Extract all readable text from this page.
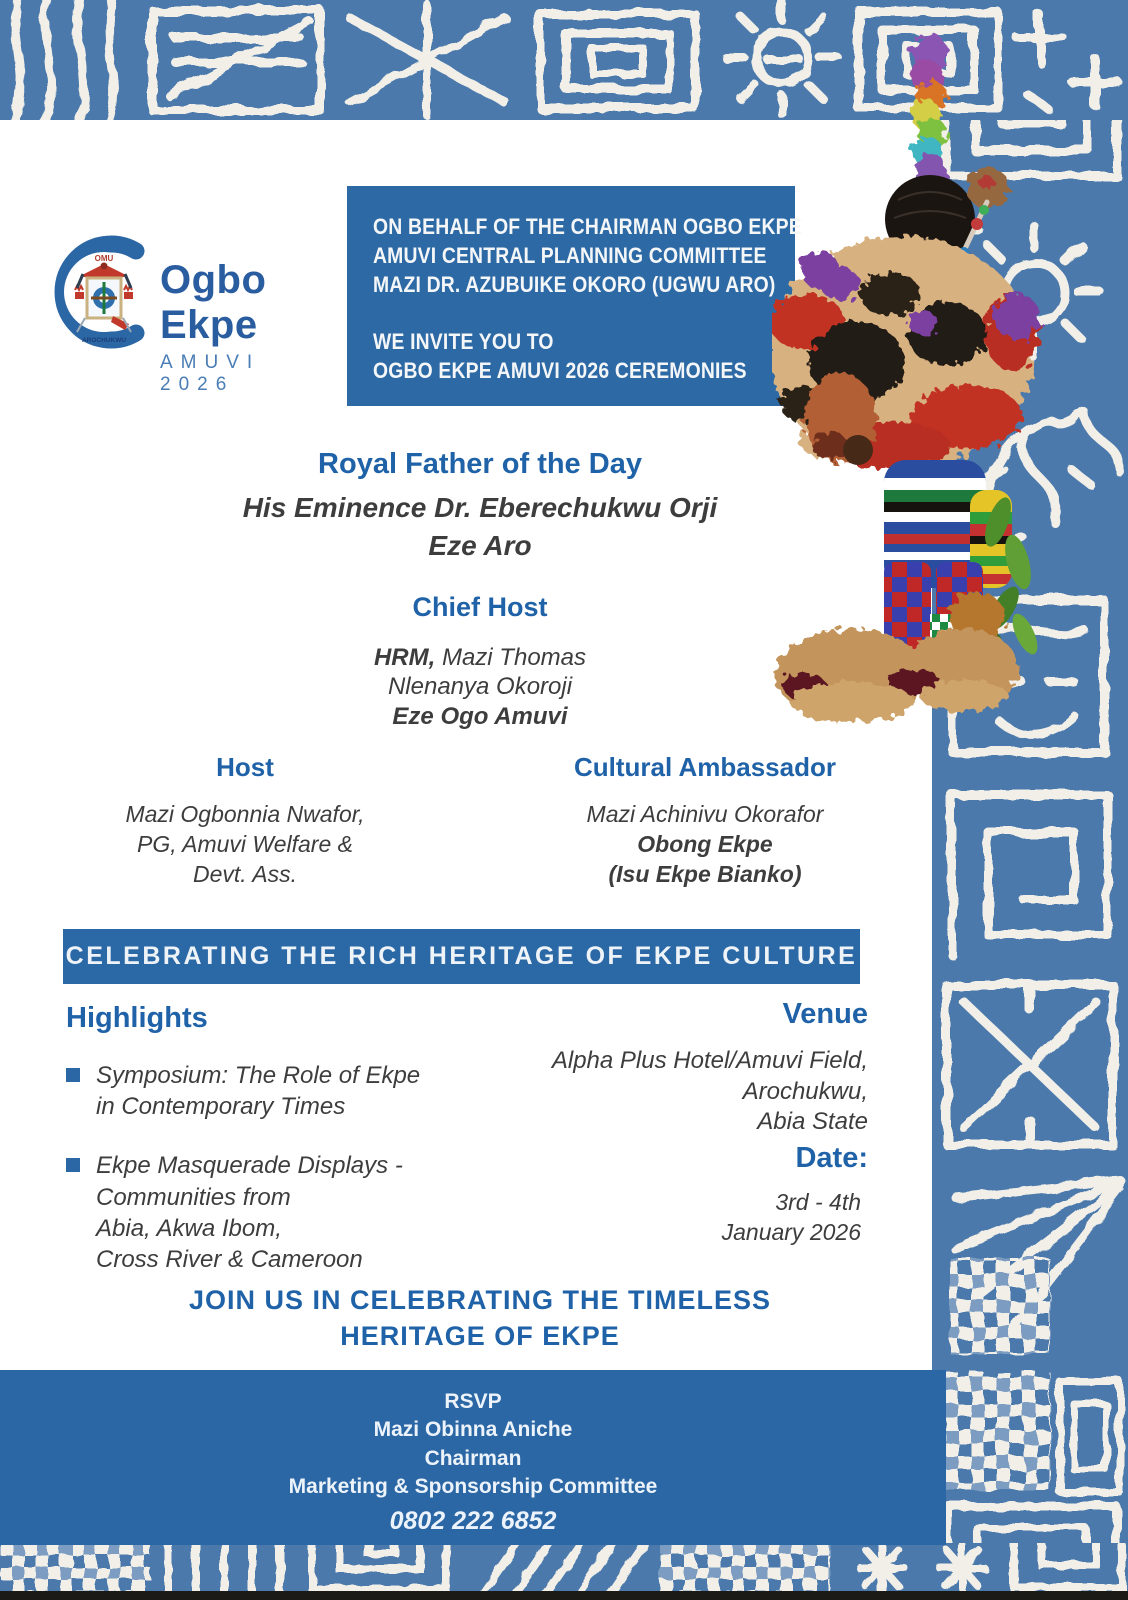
OMU
AROCHUKWU
Ogbo Ekpe
AMUVI 2026
ON BEHALF OF THE CHAIRMAN OGBO EKPE
AMUVI CENTRAL PLANNING COMMITTEE
MAZI DR. AZUBUIKE OKORO (UGWU ARO)
WE INVITE YOU TO
OGBO EKPE AMUVI 2026 CEREMONIES
Royal Father of the Day
His Eminence Dr. Eberechukwu Orji
Eze Aro
Chief Host
HRM, Mazi Thomas
Nlenanya Okoroji
Eze Ogo Amuvi
Host
Mazi Ogbonnia Nwafor,
PG, Amuvi Welfare &
Devt. Ass.
Cultural Ambassador
Mazi Achinivu Okorafor
Obong Ekpe
(Isu Ekpe Bianko)
CELEBRATING THE RICH HERITAGE OF EKPE CULTURE
Highlights
Symposium: The Role of Ekpe
in Contemporary Times
Ekpe Masquerade Displays -
Communities from
Abia, Akwa Ibom,
Cross River & Cameroon
Venue
Alpha Plus Hotel/Amuvi Field,
Arochukwu,
Abia State
Date:
3rd - 4th
January 2026
JOIN US IN CELEBRATING THE TIMELESS
HERITAGE OF EKPE
RSVP
Mazi Obinna Aniche
Chairman
Marketing & Sponsorship Committee
0802 222 6852
